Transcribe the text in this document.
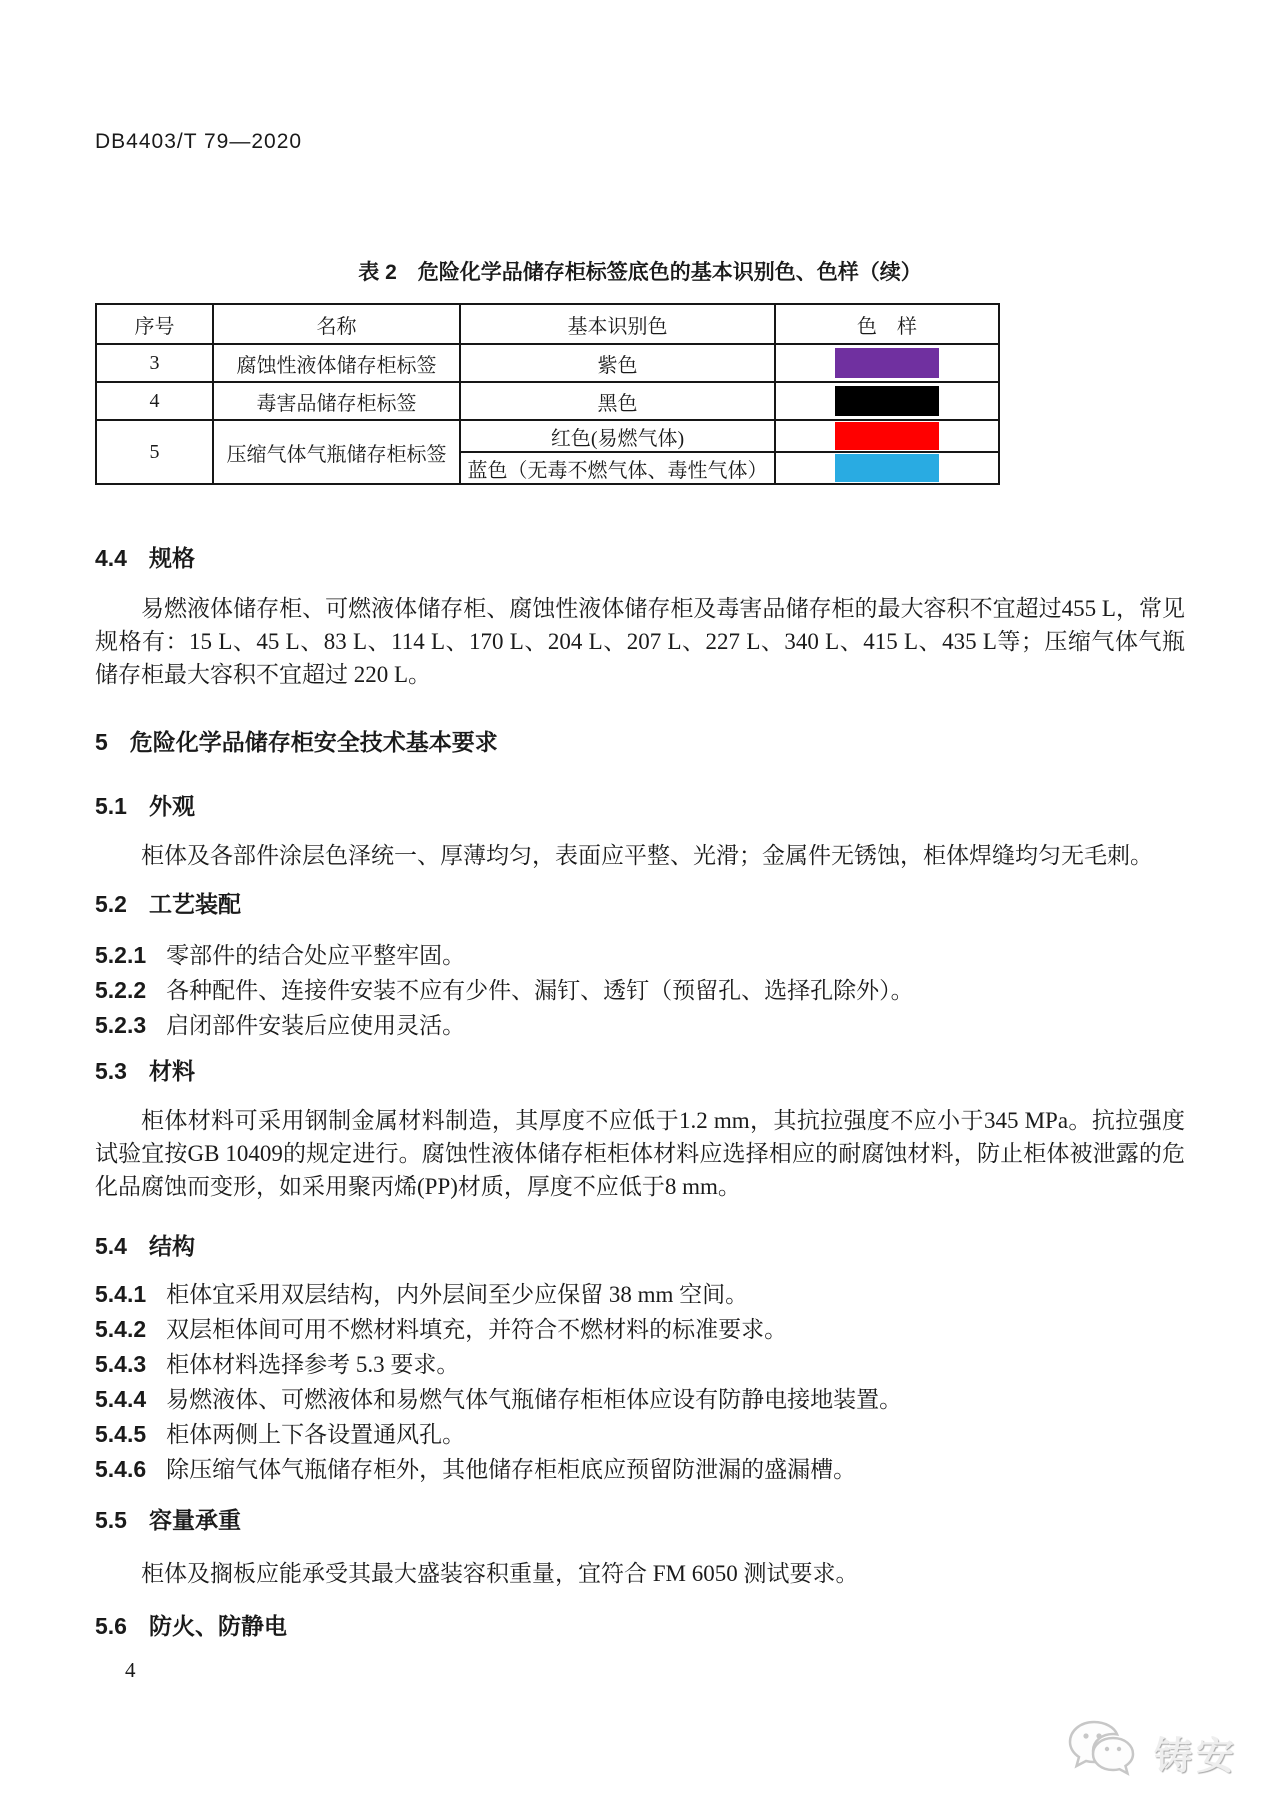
DB4403/T 79—2020
表 2　危险化学品储存柜标签底色的基本识别色、色样（续）
序号	名称	基本识别色	色　样
3	腐蚀性液体储存柜标签	紫色	

4	毒害品储存柜标签	黑色	

5	压缩气体气瓶储存柜标签	红色(易燃气体)	

		蓝色（无毒不燃气体、毒性气体）	
4.4 规格

易燃液体储存柜、可燃液体储存柜、腐蚀性液体储存柜及毒害品储存柜的最大容积不宜超过455 L，常见规格有：15 L、45 L、83 L、114 L、170 L、204 L、207 L、227 L、340 L、415 L、435 L等；压缩气体气瓶储存柜最大容积不宜超过 220 L。

5 危险化学品储存柜安全技术基本要求
5.1 外观

柜体及各部件涂层色泽统一、厚薄均匀，表面应平整、光滑；金属件无锈蚀，柜体焊缝均匀无毛刺。

5.2 工艺装配
5.2.1 零部件的结合处应平整牢固。
5.2.2 各种配件、连接件安装不应有少件、漏钉、透钉（预留孔、选择孔除外）。
5.2.3 启闭部件安装后应使用灵活。
5.3 材料

柜体材料可采用钢制金属材料制造，其厚度不应低于1.2 mm，其抗拉强度不应小于345 MPa。抗拉强度试验宜按GB 10409的规定进行。腐蚀性液体储存柜柜体材料应选择相应的耐腐蚀材料，防止柜体被泄露的危化品腐蚀而变形，如采用聚丙烯(PP)材质，厚度不应低于8 mm。

5.4 结构
5.4.1 柜体宜采用双层结构，内外层间至少应保留 38 mm 空间。
5.4.2 双层柜体间可用不燃材料填充，并符合不燃材料的标准要求。
5.4.3 柜体材料选择参考 5.3 要求。
5.4.4 易燃液体、可燃液体和易燃气体气瓶储存柜柜体应设有防静电接地装置。
5.4.5 柜体两侧上下各设置通风孔。
5.4.6 除压缩气体气瓶储存柜外，其他储存柜柜底应预留防泄漏的盛漏槽。
5.5 容量承重

柜体及搁板应能承受其最大盛装容积重量，宜符合 FM 6050 测试要求。

5.6 防火、防静电
4
铸安
